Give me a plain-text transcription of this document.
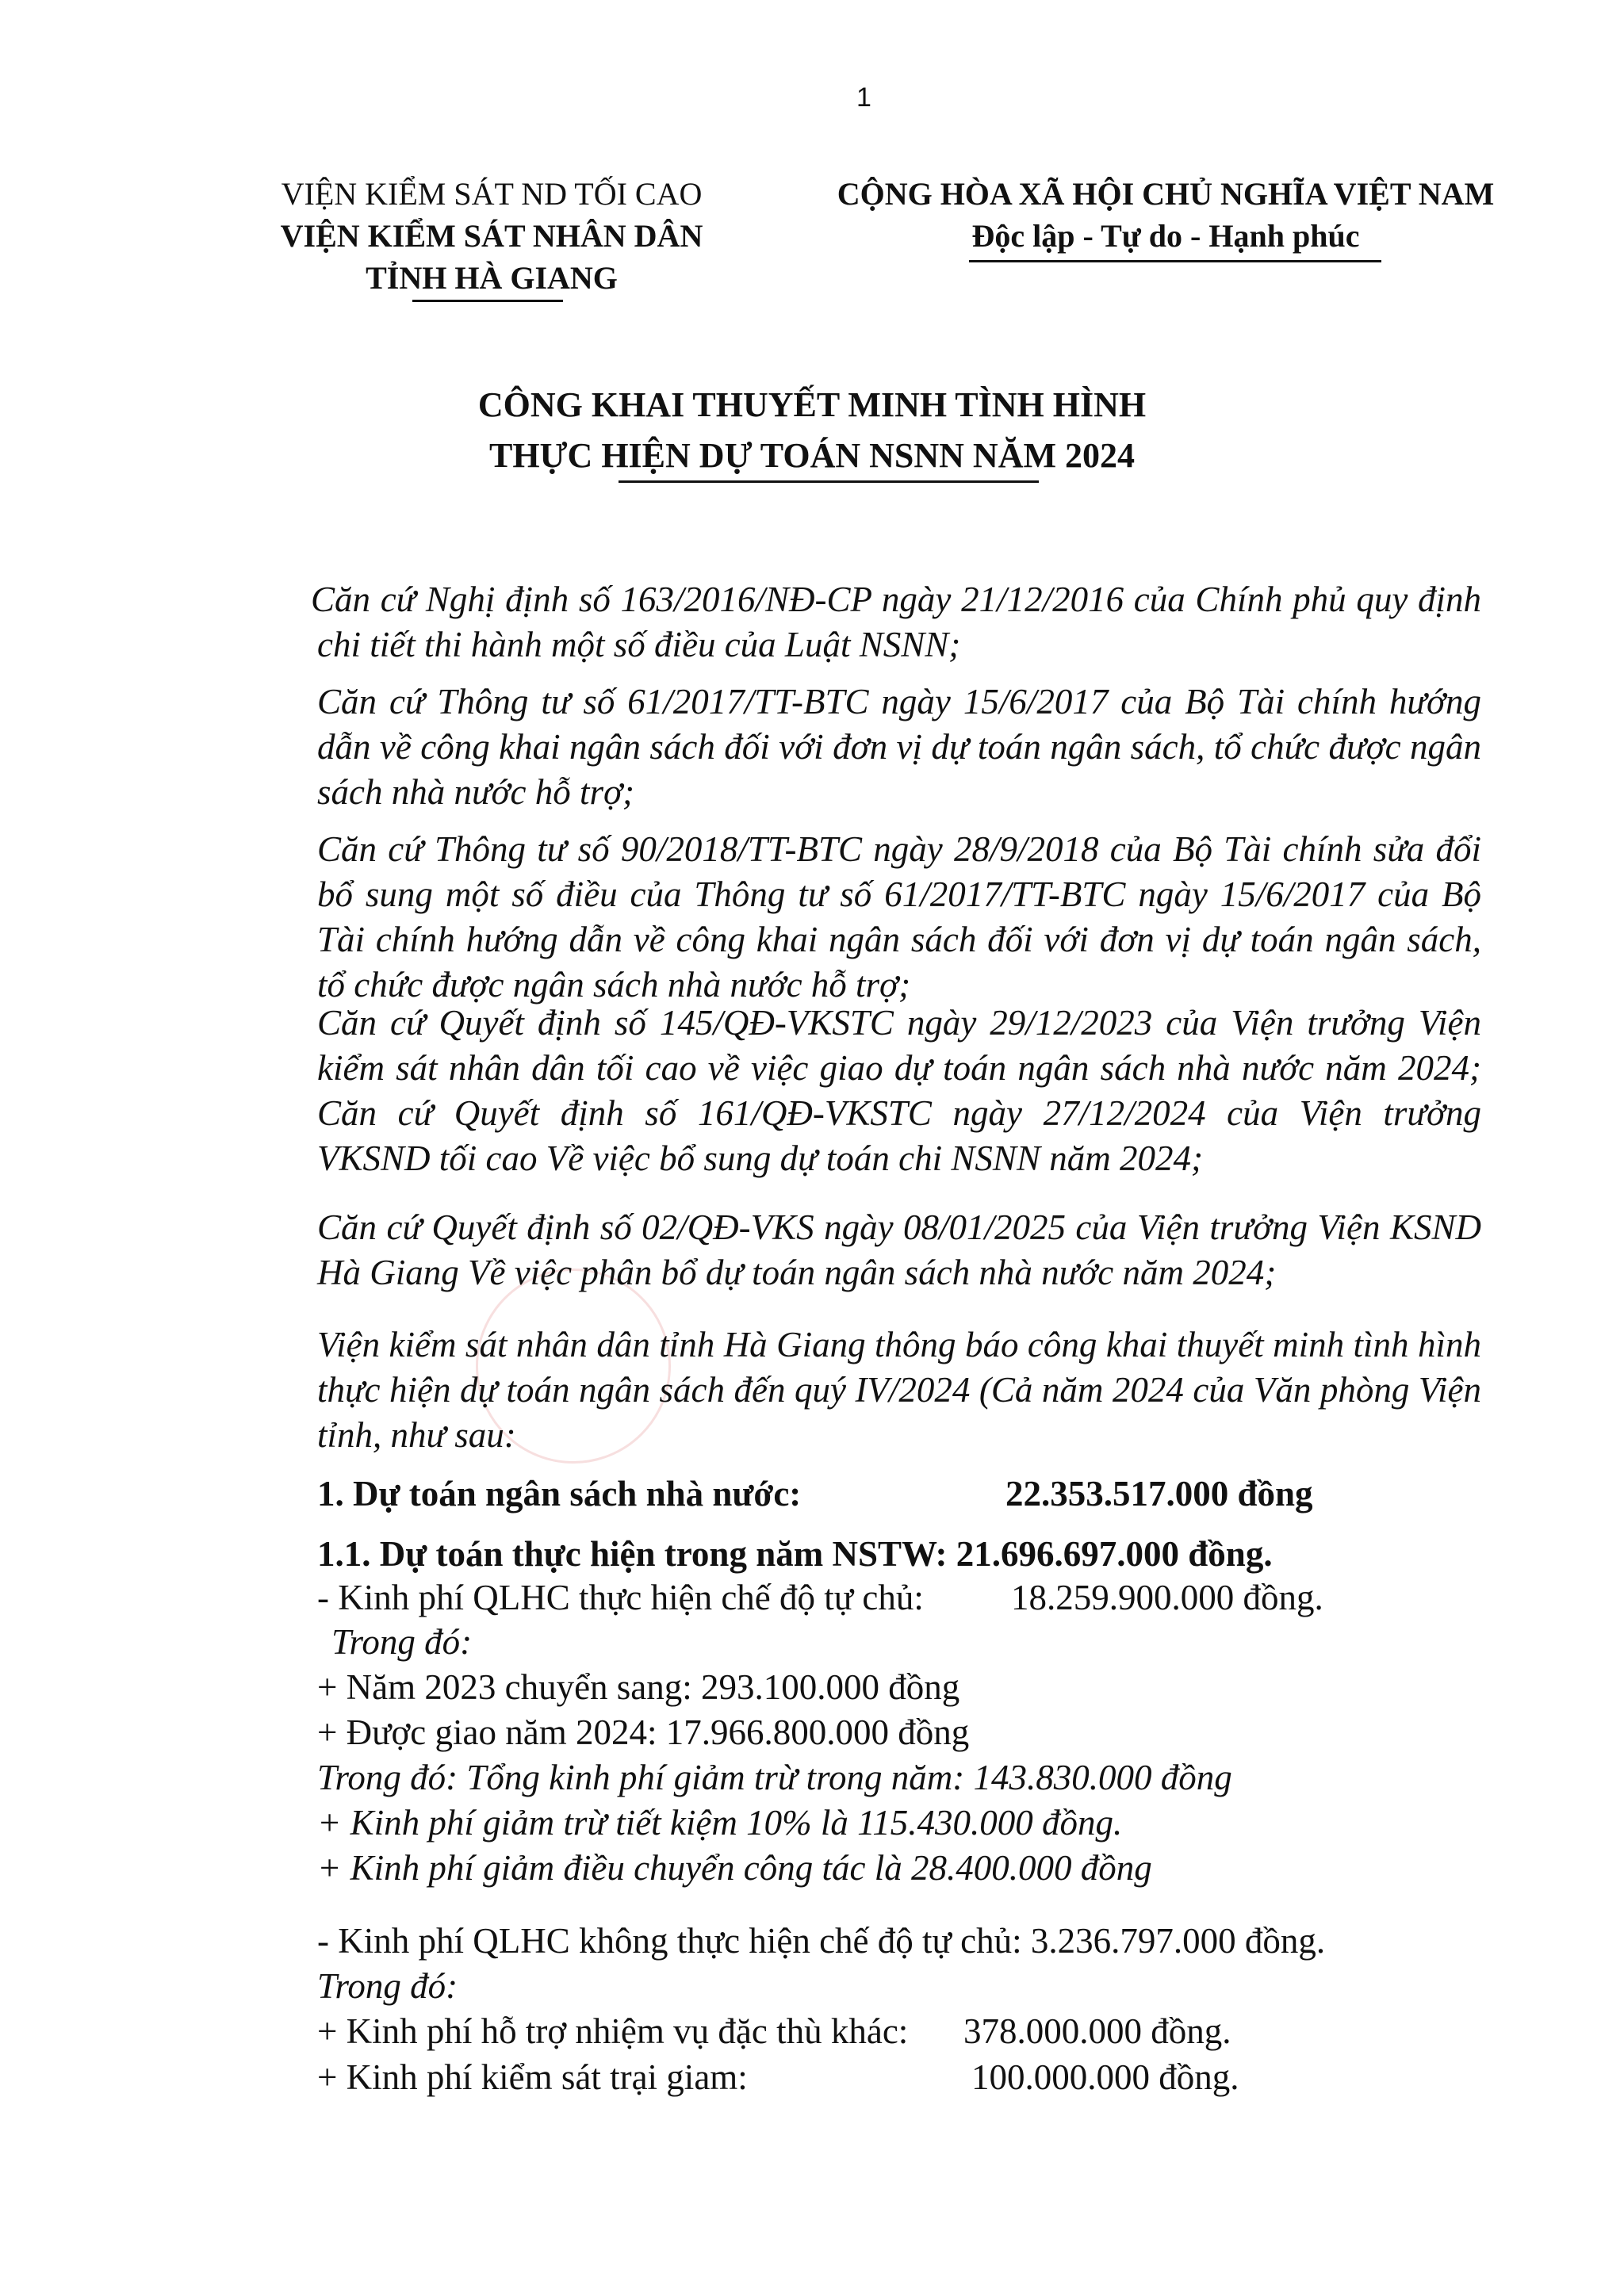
1
VIỆN KIỂM SÁT ND TỐI CAO
VIỆN KIỂM SÁT NHÂN DÂN
TỈNH HÀ GIANG
CỘNG HÒA XÃ HỘI CHỦ NGHĨA VIỆT NAM
Độc lập - Tự do - Hạnh phúc
CÔNG KHAI THUYẾT MINH TÌNH HÌNH
THỰC HIỆN DỰ TOÁN NSNN NĂM 2024
Căn cứ Nghị định số 163/2016/NĐ-CP ngày 21/12/2016 của Chính phủ quy định chi tiết thi hành một số điều của Luật NSNN;
Căn cứ Thông tư số 61/2017/TT-BTC ngày 15/6/2017 của Bộ Tài chính hướng dẫn về công khai ngân sách đối với đơn vị dự toán ngân sách, tổ chức được ngân sách nhà nước hỗ trợ;
Căn cứ Thông tư số 90/2018/TT-BTC ngày 28/9/2018 của Bộ Tài chính sửa đổi bổ sung một số điều của Thông tư số 61/2017/TT-BTC ngày 15/6/2017 của Bộ Tài chính hướng dẫn về công khai ngân sách đối với đơn vị dự toán ngân sách, tổ chức được ngân sách nhà nước hỗ trợ;
Căn cứ Quyết định số 145/QĐ-VKSTC ngày 29/12/2023 của Viện trưởng Viện kiểm sát nhân dân tối cao về việc giao dự toán ngân sách nhà nước năm 2024; Căn cứ Quyết định số 161/QĐ-VKSTC ngày 27/12/2024 của Viện trưởng VKSND tối cao Về việc bổ sung dự toán chi NSNN năm 2024;
Căn cứ Quyết định số 02/QĐ-VKS ngày 08/01/2025 của Viện trưởng Viện KSND Hà Giang Về việc phân bổ dự toán ngân sách nhà nước năm 2024;
Viện kiểm sát nhân dân tỉnh Hà Giang thông báo công khai thuyết minh tình hình thực hiện dự toán ngân sách đến quý IV/2024 (Cả năm 2024 của Văn phòng Viện tỉnh, như sau:
1. Dự toán ngân sách nhà nước:	22.353.517.000 đồng
1.1. Dự toán thực hiện trong năm NSTW: 21.696.697.000 đồng.
- Kinh phí QLHC thực hiện chế độ tự chủ: 18.259.900.000 đồng.
Trong đó:
+ Năm 2023 chuyển sang: 293.100.000 đồng
+ Được giao năm 2024: 17.966.800.000 đồng
Trong đó: Tổng kinh phí giảm trừ trong năm: 143.830.000 đồng
+ Kinh phí giảm trừ tiết kiệm 10% là 115.430.000 đồng.
+ Kinh phí giảm điều chuyển công tác là 28.400.000 đồng
- Kinh phí QLHC không thực hiện chế độ tự chủ: 3.236.797.000 đồng.
Trong đó:
+ Kinh phí hỗ trợ nhiệm vụ đặc thù khác: 378.000.000 đồng.
+ Kinh phí kiểm sát trại giam:	100.000.000 đồng.
